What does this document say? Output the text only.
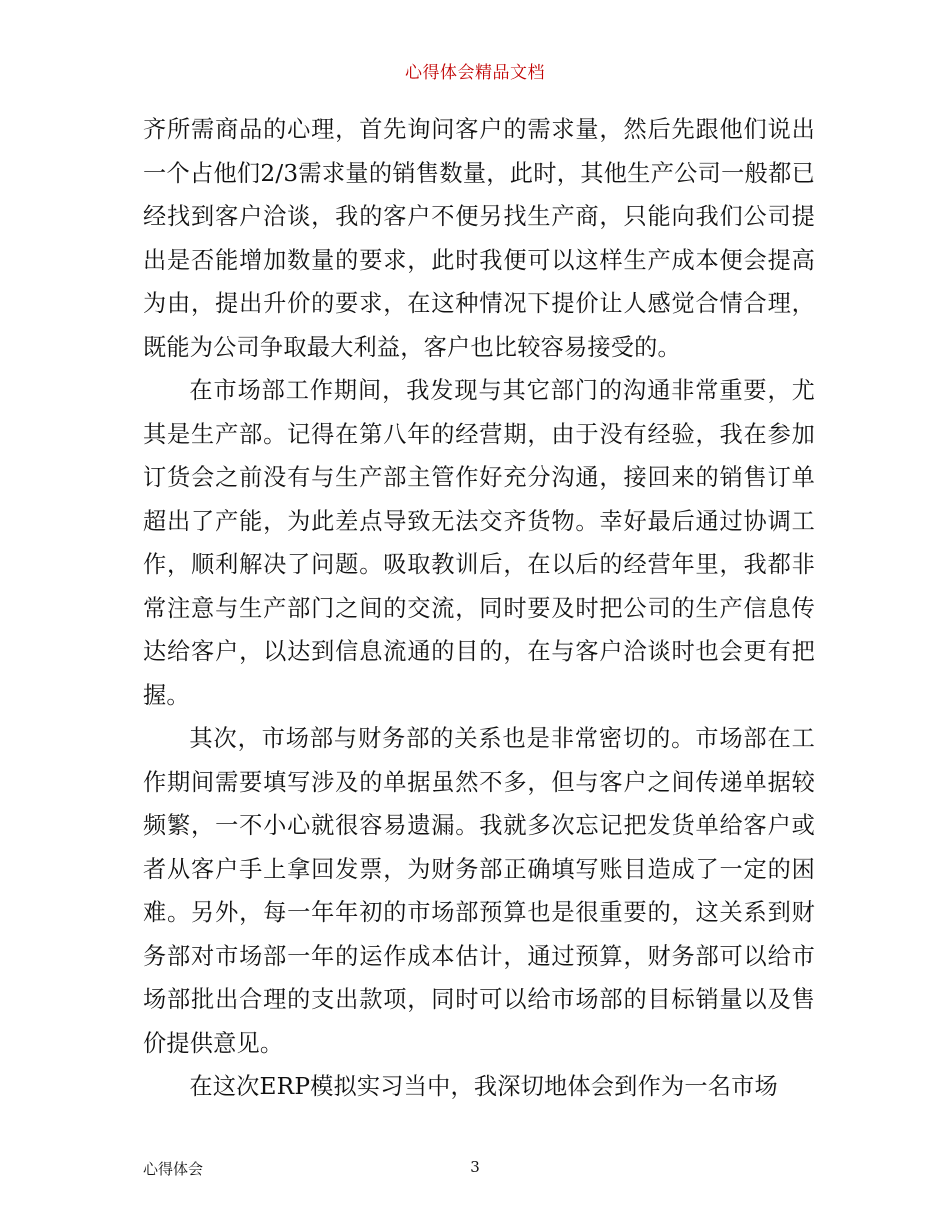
心得体会精品文档

齐所需商品的心理，首先询问客户的需求量，然后先跟他们说出一个占他们2/3需求量的销售数量，此时，其他生产公司一般都已经找到客户洽谈，我的客户不便另找生产商，只能向我们公司提出是否能增加数量的要求，此时我便可以这样生产成本便会提高为由，提出升价的要求，在这种情况下提价让人感觉合情合理，既能为公司争取最大利益，客户也比较容易接受的。

在市场部工作期间，我发现与其它部门的沟通非常重要，尤其是生产部。记得在第八年的经营期，由于没有经验，我在参加订货会之前没有与生产部主管作好充分沟通，接回来的销售订单超出了产能，为此差点导致无法交齐货物。幸好最后通过协调工作，顺利解决了问题。吸取教训后，在以后的经营年里，我都非常注意与生产部门之间的交流，同时要及时把公司的生产信息传达给客户，以达到信息流通的目的，在与客户洽谈时也会更有把握。

其次，市场部与财务部的关系也是非常密切的。市场部在工作期间需要填写涉及的单据虽然不多，但与客户之间传递单据较频繁，一不小心就很容易遗漏。我就多次忘记把发货单给客户或者从客户手上拿回发票，为财务部正确填写账目造成了一定的困难。另外，每一年年初的市场部预算也是很重要的，这关系到财务部对市场部一年的运作成本估计，通过预算，财务部可以给市场部批出合理的支出款项，同时可以给市场部的目标销量以及售价提供意见。

在这次ERP模拟实习当中，我深切地体会到作为一名市场

心得体会	3
